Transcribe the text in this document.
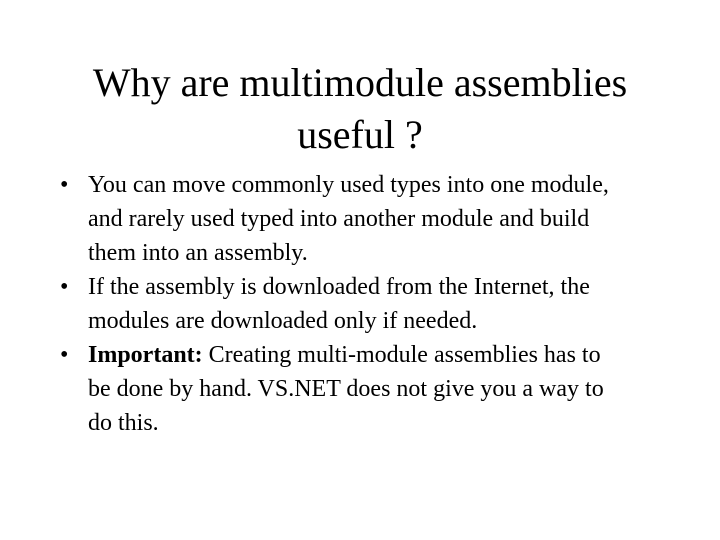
Why are multimodule assemblies
useful ?
• You can move commonly used types into one module,
and rarely used typed into another module and build
them into an assembly.
• If the assembly is downloaded from the Internet, the
modules are downloaded only if needed.
• Important: Creating multi-module assemblies has to
be done by hand. VS.NET does not give you a way to
do this.
